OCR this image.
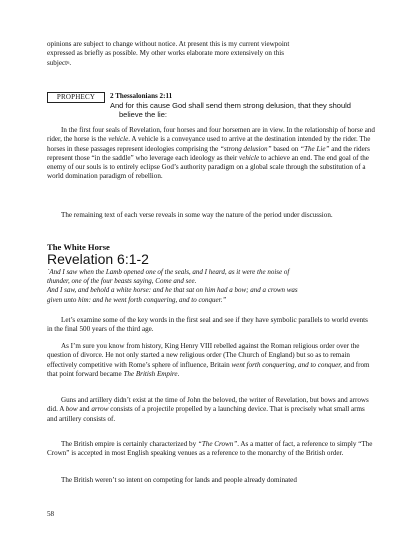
opinions are subject to change without notice. At present this is my current viewpoint
expressed as briefly as possible. My other works elaborate more extensively on this
subject$^6$.

PROPHECY	2 Thessalonians 2:11
And for this cause God shall send them strong delusion, that they should
believe the lie:

In the first four seals of Revelation, four horses and four horsemen are in view. In the relationship of horse and rider, the horse is the vehicle. A vehicle is a conveyance used to arrive at the destination intended by the rider. The horses in these passages represent ideologies comprising the “strong delusion” based on “The Lie” and the riders represent those “in the saddle” who leverage each ideology as their vehicle to achieve an end. The end goal of the enemy of our souls is to entirely eclipse God’s authority paradigm on a global scale through the substitution of a world domination paradigm of rebellion.

The remaining text of each verse reveals in some way the nature of the period under discussion.

The White Horse
Revelation 6:1-2

`And I saw when the Lamb opened one of the seals, and I heard, as it were the noise of
thunder, one of the four beasts saying, Come and see.
And I saw, and behold a white horse: and he that sat on him had a bow; and a crown was
given unto him: and he went forth conquering, and to conquer.”

Let’s examine some of the key words in the first seal and see if they have symbolic parallels to world events in the final 500 years of the third age.

As I’m sure you know from history, King Henry VIII rebelled against the Roman religious order over the question of divorce. He not only started a new religious order (The Church of England) but so as to remain effectively competitive with Rome’s sphere of influence, Britain went forth conquering, and to conquer, and from that point forward became The British Empire.

Guns and artillery didn’t exist at the time of John the beloved, the writer of Revelation, but bows and arrows did. A bow and arrow consists of a projectile propelled by a launching device. That is precisely what small arms and artillery consists of.

The British empire is certainly characterized by “The Crown”. As a matter of fact, a reference to simply “The Crown” is accepted in most English speaking venues as a reference to the monarchy of the British order.

The British weren’t so intent on competing for lands and people already dominated

58
